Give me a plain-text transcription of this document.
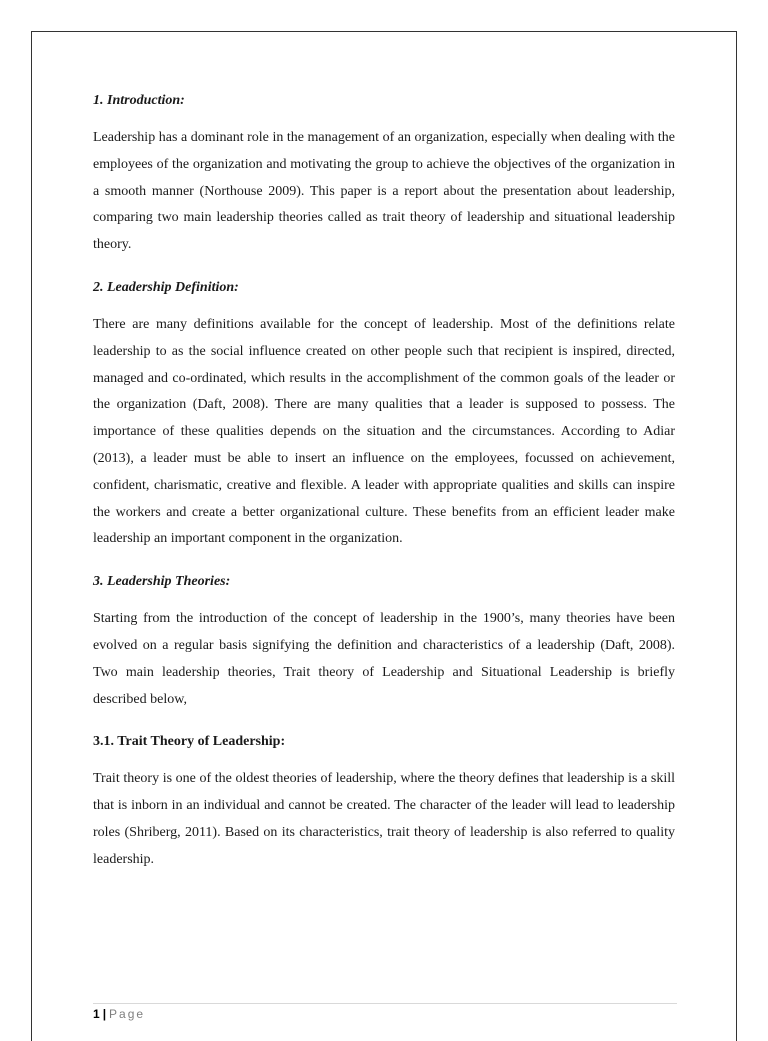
1. Introduction:

Leadership has a dominant role in the management of an organization, especially when dealing with the employees of the organization and motivating the group to achieve the objectives of the organization in a smooth manner (Northouse 2009). This paper is a report about the presentation about leadership, comparing two main leadership theories called as trait theory of leadership and situational leadership theory.

2. Leadership Definition:

There are many definitions available for the concept of leadership. Most of the definitions relate leadership to as the social influence created on other people such that recipient is inspired, directed, managed and co-ordinated, which results in the accomplishment of the common goals of the leader or the organization (Daft, 2008). There are many qualities that a leader is supposed to possess. The importance of these qualities depends on the situation and the circumstances. According to Adiar (2013), a leader must be able to insert an influence on the employees, focussed on achievement, confident, charismatic, creative and flexible. A leader with appropriate qualities and skills can inspire the workers and create a better organizational culture. These benefits from an efficient leader make leadership an important component in the organization.

3. Leadership Theories:

Starting from the introduction of the concept of leadership in the 1900’s, many theories have been evolved on a regular basis signifying the definition and characteristics of a leadership (Daft, 2008). Two main leadership theories, Trait theory of Leadership and Situational Leadership is briefly described below,

3.1. Trait Theory of Leadership:

Trait theory is one of the oldest theories of leadership, where the theory defines that leadership is a skill that is inborn in an individual and cannot be created. The character of the leader will lead to leadership roles (Shriberg, 2011). Based on its characteristics, trait theory of leadership is also referred to quality leadership.

1 | Page
